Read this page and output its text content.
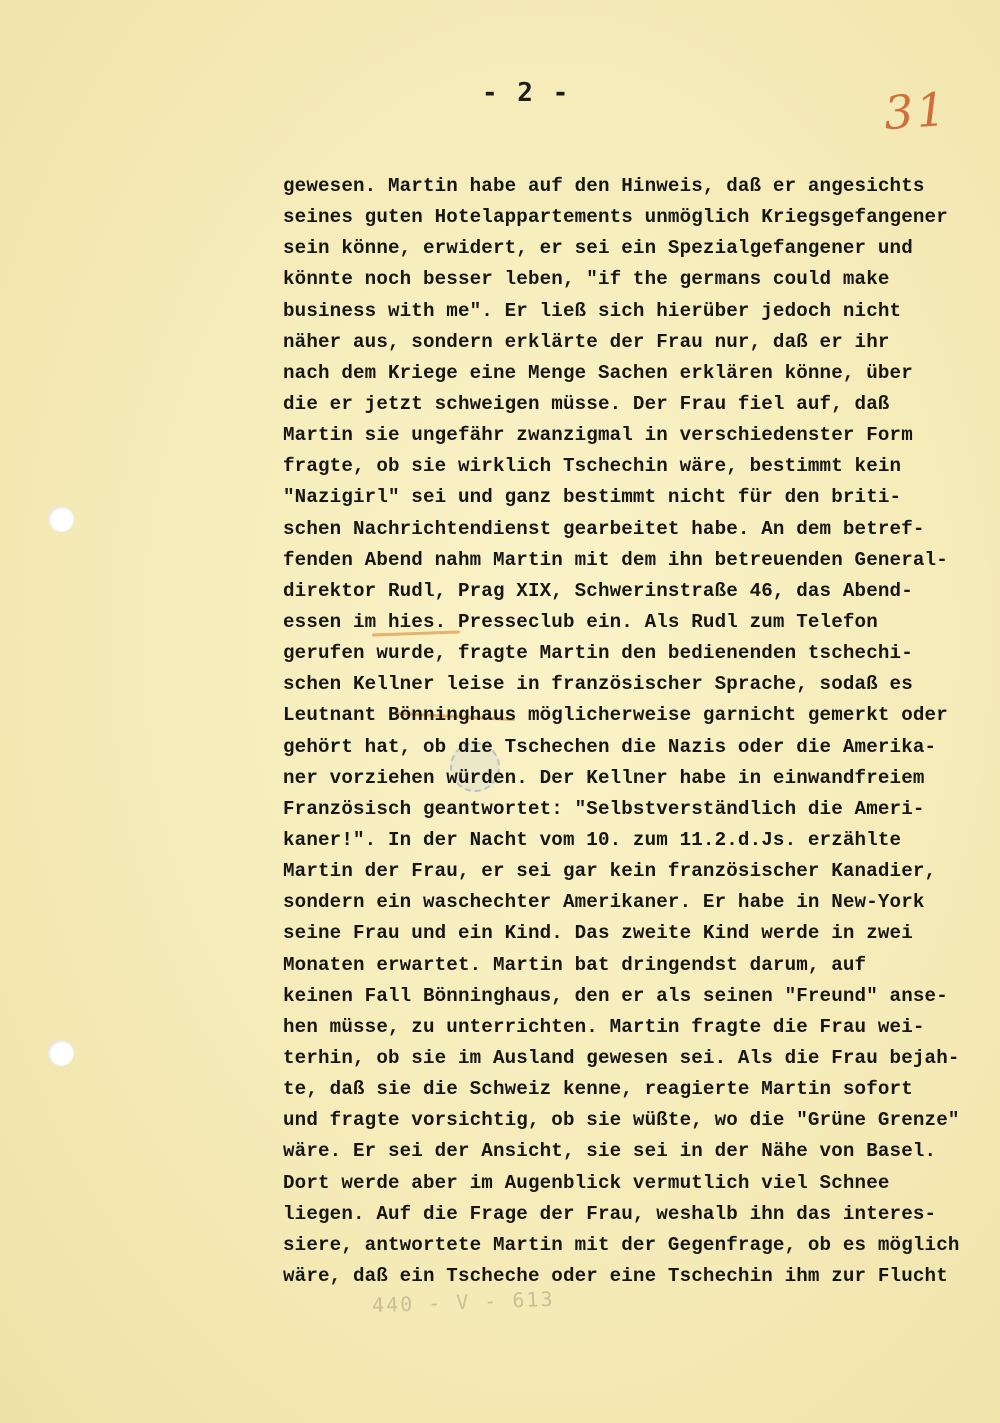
- 2 -	31
gewesen. Martin habe auf den Hinweis, daß er angesichts
seines guten Hotelappartements unmöglich Kriegsgefangener
sein könne, erwidert, er sei ein Spezialgefangener und
könnte noch besser leben, "if the germans could make
business with me". Er ließ sich hierüber jedoch nicht
näher aus, sondern erklärte der Frau nur, daß er ihr
nach dem Kriege eine Menge Sachen erklären könne, über
die er jetzt schweigen müsse. Der Frau fiel auf, daß
Martin sie ungefähr zwanzigmal in verschiedenster Form
fragte, ob sie wirklich Tschechin wäre, bestimmt kein
"Nazigirl" sei und ganz bestimmt nicht für den briti-
schen Nachrichtendienst gearbeitet habe. An dem betref-
fenden Abend nahm Martin mit dem ihn betreuenden General-
direktor Rudl, Prag XIX, Schwerinstraße 46, das Abend-
essen im hies. Presseclub ein. Als Rudl zum Telefon
gerufen wurde, fragte Martin den bedienenden tschechi-
schen Kellner leise in französischer Sprache, sodaß es
Leutnant Bönninghaus möglicherweise garnicht gemerkt oder
gehört hat, ob die Tschechen die Nazis oder die Amerika-
ner vorziehen würden. Der Kellner habe in einwandfreiem
Französisch geantwortet: "Selbstverständlich die Ameri-
kaner!". In der Nacht vom 10. zum 11.2.d.Js. erzählte
Martin der Frau, er sei gar kein französischer Kanadier,
sondern ein waschechter Amerikaner. Er habe in New-York
seine Frau und ein Kind. Das zweite Kind werde in zwei
Monaten erwartet. Martin bat dringendst darum, auf
keinen Fall Bönninghaus, den er als seinen "Freund" anse-
hen müsse, zu unterrichten. Martin fragte die Frau wei-
terhin, ob sie im Ausland gewesen sei. Als die Frau bejah-
te, daß sie die Schweiz kenne, reagierte Martin sofort
und fragte vorsichtig, ob sie wüßte, wo die "Grüne Grenze"
wäre. Er sei der Ansicht, sie sei in der Nähe von Basel.
Dort werde aber im Augenblick vermutlich viel Schnee
liegen. Auf die Frage der Frau, weshalb ihn das interes-
siere, antwortete Martin mit der Gegenfrage, ob es möglich
wäre, daß ein Tscheche oder eine Tschechin ihm zur Flucht
440 - V - 613
